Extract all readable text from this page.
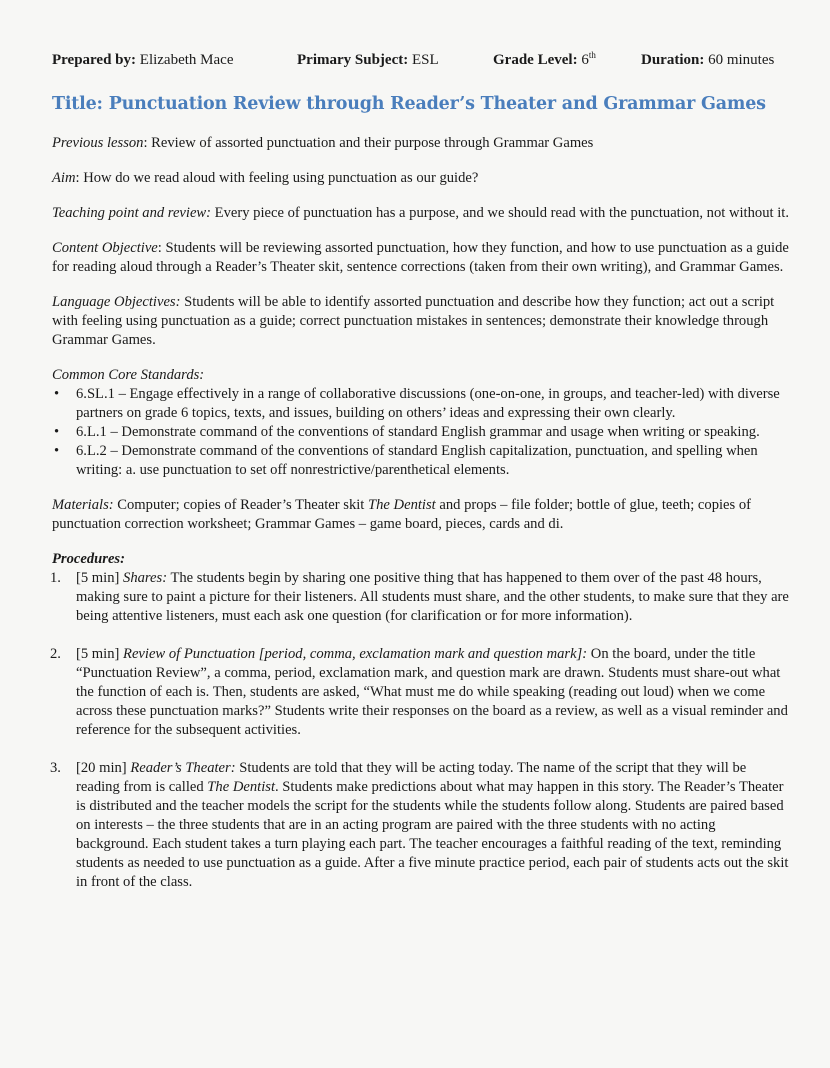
Prepared by: Elizabeth Mace	Primary Subject: ESL	Grade Level: 6th	Duration: 60 minutes
Title: Punctuation Review through Reader’s Theater and Grammar Games

Previous lesson: Review of assorted punctuation and their purpose through Grammar Games

Aim: How do we read aloud with feeling using punctuation as our guide?

Teaching point and review: Every piece of punctuation has a purpose, and we should read with the punctuation, not without it.

Content Objective: Students will be reviewing assorted punctuation, how they function, and how to use punctuation as a guide for reading aloud through a Reader’s Theater skit, sentence corrections (taken from their own writing), and Grammar Games.

Language Objectives: Students will be able to identify assorted punctuation and describe how they function; act out a script with feeling using punctuation as a guide; correct punctuation mistakes in sentences; demonstrate their knowledge through Grammar Games.

Common Core Standards:

• 6.SL.1 – Engage effectively in a range of collaborative discussions (one-on-one, in groups, and teacher-led) with diverse partners on grade 6 topics, texts, and issues, building on others’ ideas and expressing their own clearly.
• 6.L.1 – Demonstrate command of the conventions of standard English grammar and usage when writing or speaking.
• 6.L.2 – Demonstrate command of the conventions of standard English capitalization, punctuation, and spelling when writing: a. use punctuation to set off nonrestrictive/parenthetical elements.

Materials: Computer; copies of Reader’s Theater skit The Dentist and props – file folder; bottle of glue, teeth; copies of punctuation correction worksheet; Grammar Games – game board, pieces, cards and di.

Procedures:

1. [5 min] Shares: The students begin by sharing one positive thing that has happened to them over of the past 48 hours, making sure to paint a picture for their listeners. All students must share, and the other students, to make sure that they are being attentive listeners, must each ask one question (for clarification or for more information).
2. [5 min] Review of Punctuation [period, comma, exclamation mark and question mark]: On the board, under the title “Punctuation Review”, a comma, period, exclamation mark, and question mark are drawn. Students must share-out what the function of each is. Then, students are asked, “What must me do while speaking (reading out loud) when we come across these punctuation marks?” Students write their responses on the board as a review, as well as a visual reminder and reference for the subsequent activities.
3. [20 min] Reader’s Theater: Students are told that they will be acting today. The name of the script that they will be reading from is called The Dentist. Students make predictions about what may happen in this story. The Reader’s Theater is distributed and the teacher models the script for the students while the students follow along. Students are paired based on interests – the three students that are in an acting program are paired with the three students with no acting background. Each student takes a turn playing each part. The teacher encourages a faithful reading of the text, reminding students as needed to use punctuation as a guide. After a five minute practice period, each pair of students acts out the skit in front of the class.
